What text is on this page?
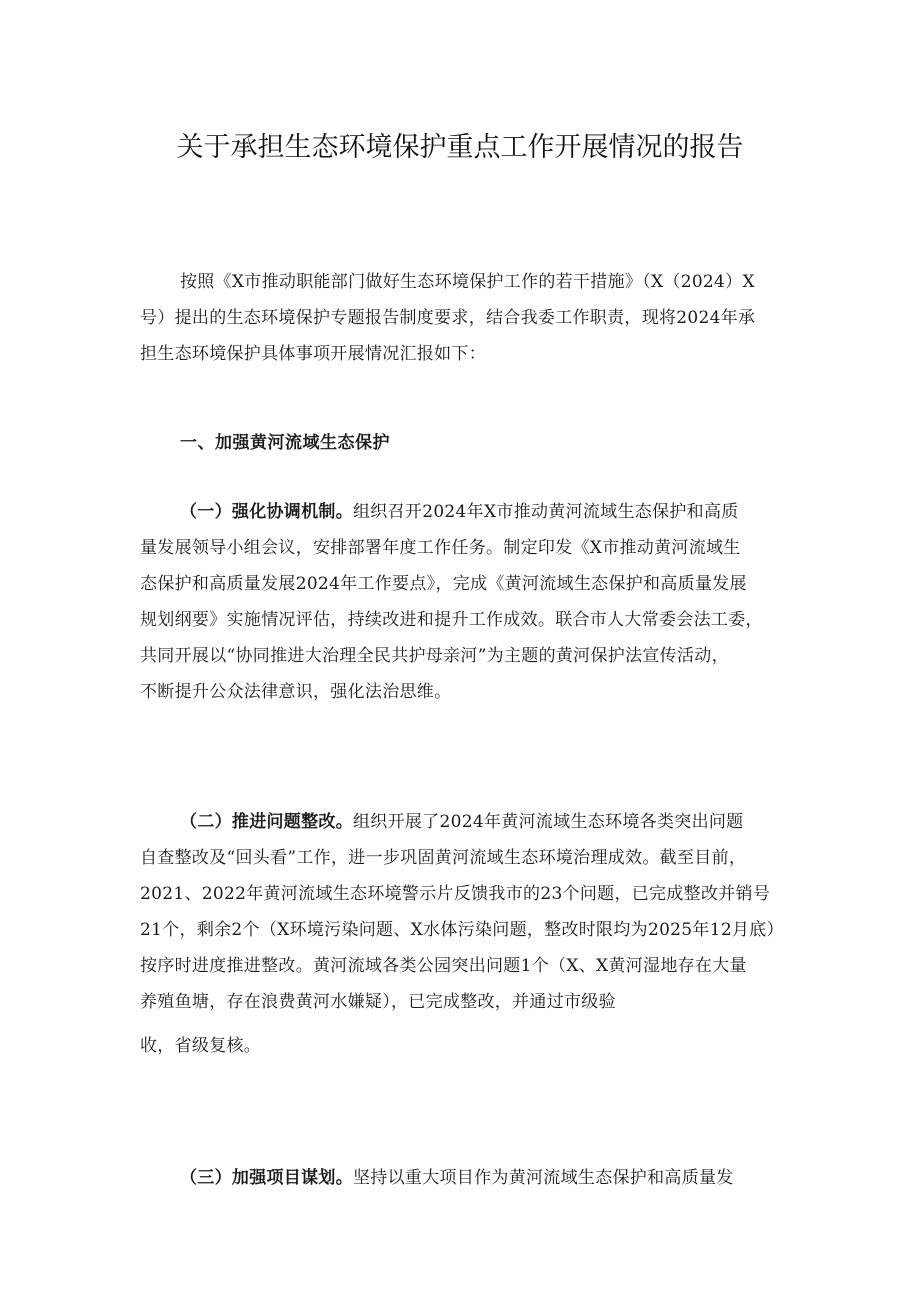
关于承担生态环境保护重点工作开展情况的报告
按照《X市推动职能部门做好生态环境保护工作的若干措施》（X（2024）X
号）提出的生态环境保护专题报告制度要求，结合我委工作职责，现将2024年承
担生态环境保护具体事项开展情况汇报如下：
一、加强黄河流域生态保护
（一）强化协调机制。组织召开2024年X市推动黄河流域生态保护和高质
量发展领导小组会议，安排部署年度工作任务。制定印发《X市推动黄河流域生
态保护和高质量发展2024年工作要点》，完成《黄河流域生态保护和高质量发展
规划纲要》实施情况评估，持续改进和提升工作成效。联合市人大常委会法工委，
共同开展以“协同推进大治理全民共护母亲河”为主题的黄河保护法宣传活动，
不断提升公众法律意识，强化法治思维。
（二）推进问题整改。组织开展了2024年黄河流域生态环境各类突出问题
自查整改及“回头看”工作，进一步巩固黄河流域生态环境治理成效。截至目前，
2021、2022年黄河流域生态环境警示片反馈我市的23个问题，已完成整改并销号
21个，剩余2个（X环境污染问题、X水体污染问题，整改时限均为2025年12月底）
按序时进度推进整改。黄河流域各类公园突出问题1个（X、X黄河湿地存在大量
养殖鱼塘，存在浪费黄河水嫌疑），已完成整改，并通过市级验
收，省级复核。
（三）加强项目谋划。坚持以重大项目作为黄河流域生态保护和高质量发
